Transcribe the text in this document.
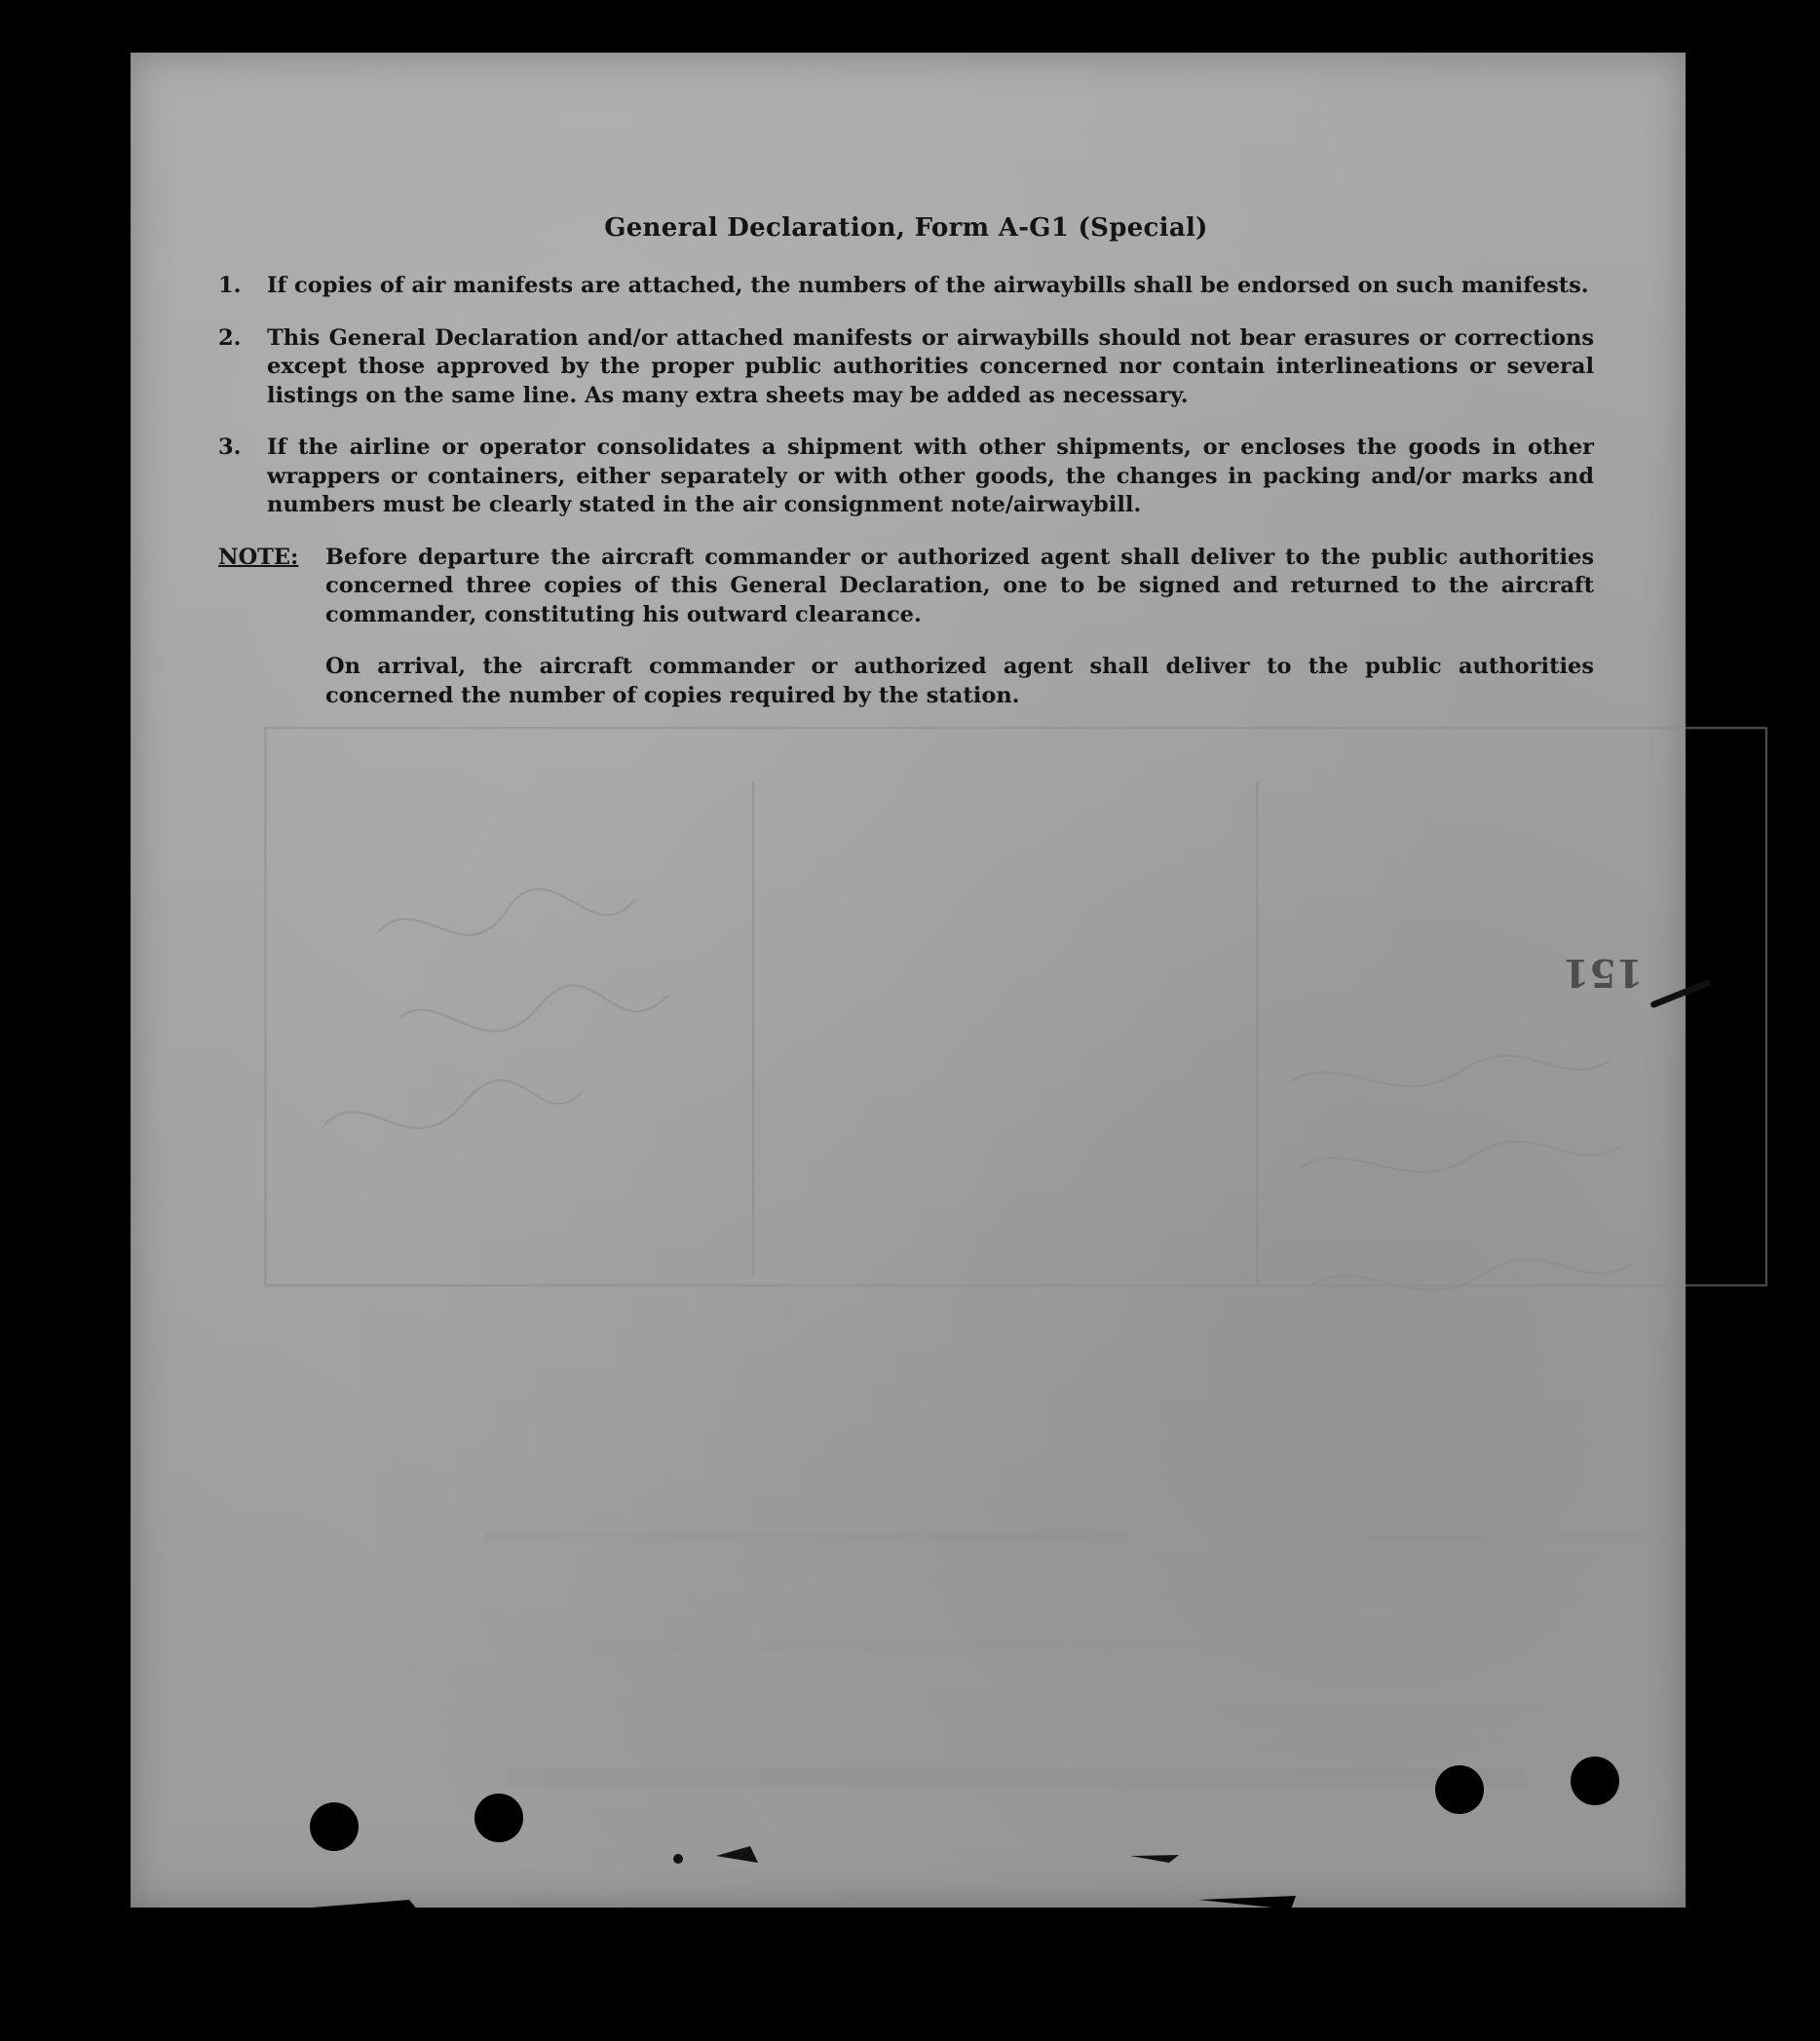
151
General Declaration, Form A-G1 (Special)
1.	If copies of air manifests are attached, the numbers of the airwaybills shall be endorsed on such manifests.
2.	This General Declaration and/or attached manifests or airwaybills should not bear erasures or corrections except those approved by the proper public authorities concerned nor contain interlineations or several listings on the same line. As many extra sheets may be added as necessary.
3.	If the airline or operator consolidates a shipment with other shipments, or encloses the goods in other wrappers or containers, either separately or with other goods, the changes in packing and/or marks and numbers must be clearly stated in the air consignment note/airwaybill.
NOTE:	Before departure the aircraft commander or authorized agent shall deliver to the public authorities concerned three copies of this General Declaration, one to be signed and returned to the aircraft commander, constituting his outward clearance.
On arrival, the aircraft commander or authorized agent shall deliver to the public authorities concerned the number of copies required by the station.
